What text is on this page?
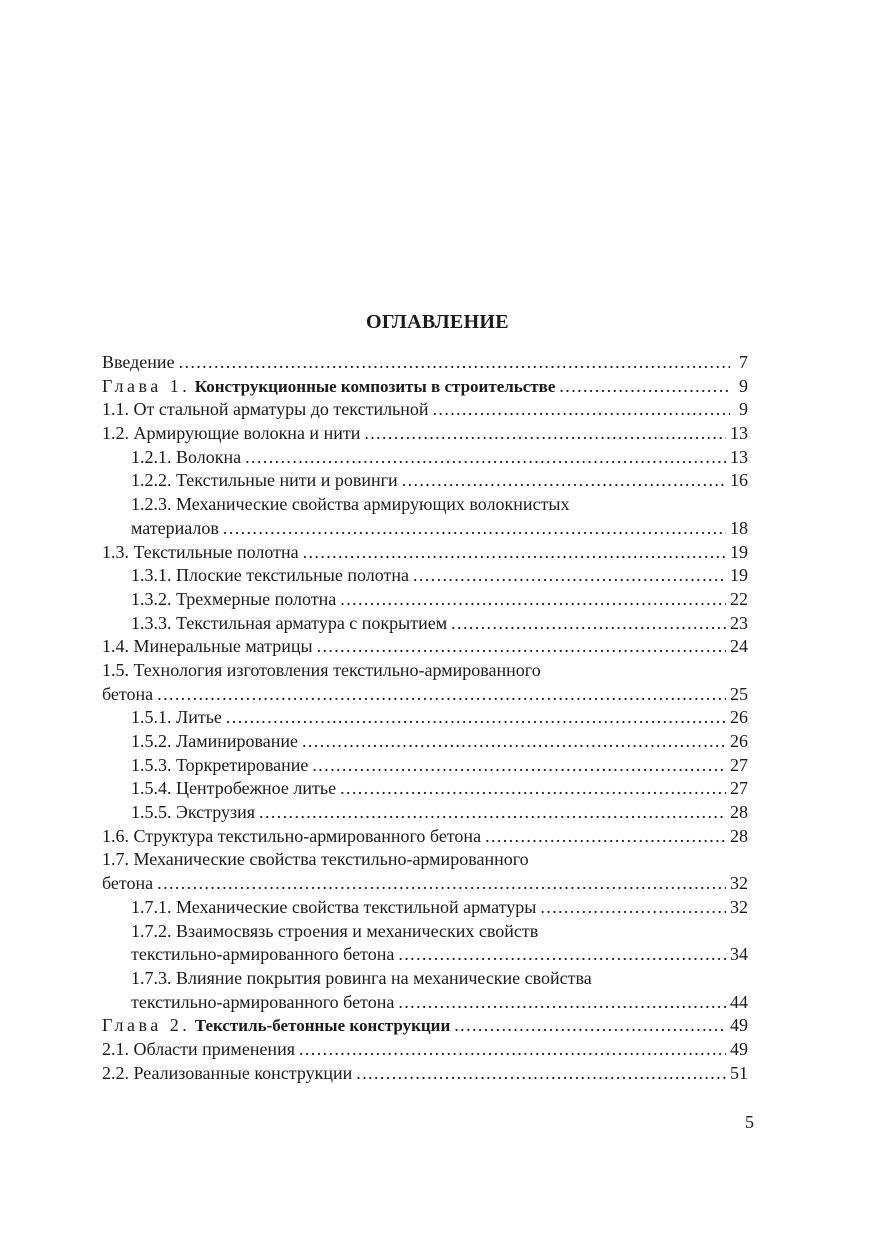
ОГЛАВЛЕНИЕ
Введение .....	7
Глава 1. Конструкционные композиты в строительстве .....	9
1.1. От стальной арматуры до текстильной .....	9
1.2. Армирующие волокна и нити .....	13
1.2.1. Волокна .....	13
1.2.2. Текстильные нити и ровинги .....	16
1.2.3. Механические свойства армирующих волокнистых
материалов .....	18
1.3. Текстильные полотна .....	19
1.3.1. Плоские текстильные полотна .....	19
1.3.2. Трехмерные полотна .....	22
1.3.3. Текстильная арматура с покрытием .....	23
1.4. Минеральные матрицы .....	24
1.5. Технология изготовления текстильно-армированного
бетона .....	25
1.5.1. Литье .....	26
1.5.2. Ламинирование .....	26
1.5.3. Торкретирование .....	27
1.5.4. Центробежное литье .....	27
1.5.5. Экструзия .....	28
1.6. Структура текстильно-армированного бетона .....	28
1.7. Механические свойства текстильно-армированного
бетона .....	32
1.7.1. Механические свойства текстильной арматуры .....	32
1.7.2. Взаимосвязь строения и механических свойств
текстильно-армированного бетона .....	34
1.7.3. Влияние покрытия ровинга на механические свойства
текстильно-армированного бетона .....	44
Глава 2. Текстиль-бетонные конструкции .....	49
2.1. Области применения .....	49
2.2. Реализованные конструкции .....	51
5
